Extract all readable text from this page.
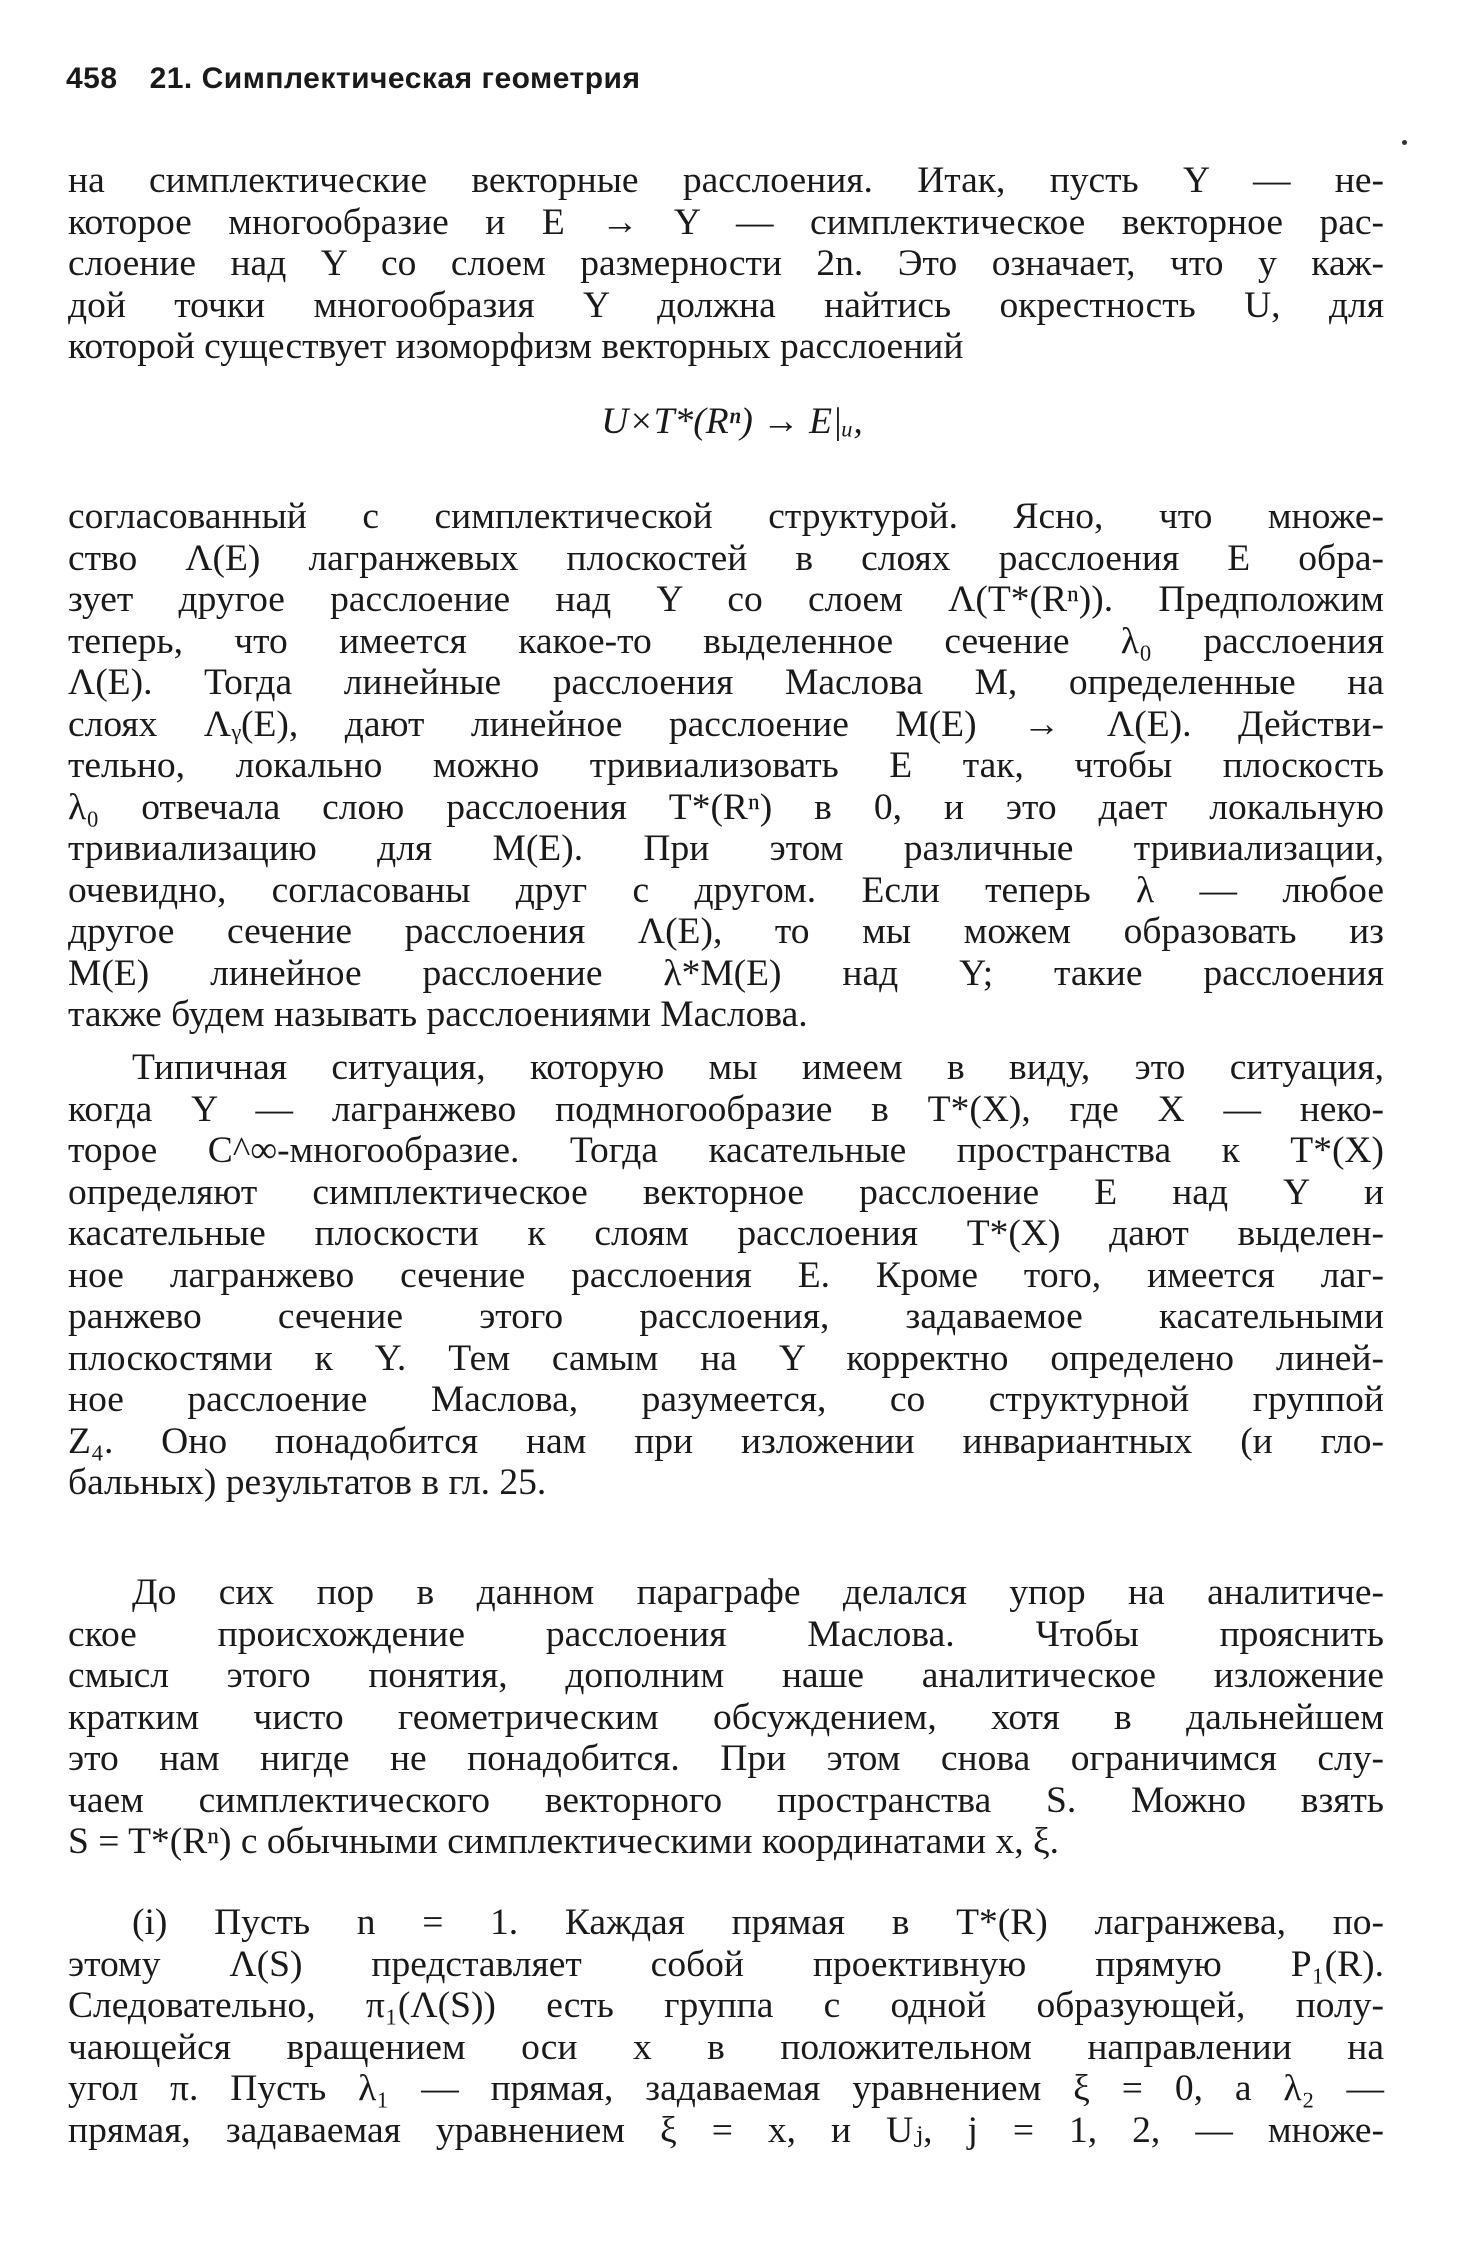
458 21. Симплектическая геометрия
на симплектические векторные расслоения. Итак, пусть Y — не-
которое многообразие и E → Y — симплектическое векторное рас-
слоение над Y со слоем размерности 2n. Это означает, что у каж-
дой точки многообразия Y должна найтись окрестность U, для
которой существует изоморфизм векторных расслоений
U×T*(Rⁿ) → E|ᵤ,
согласованный с симплектической структурой. Ясно, что множе-
ство Λ(E) лагранжевых плоскостей в слоях расслоения E обра-
зует другое расслоение над Y со слоем Λ(T*(Rⁿ)). Предположим
теперь, что имеется какое-то выделенное сечение λ₀ расслоения
Λ(E). Тогда линейные расслоения Маслова M, определенные на
слоях Λᵧ(E), дают линейное расслоение M(E) → Λ(E). Действи-
тельно, локально можно тривиализовать E так, чтобы плоскость
λ₀ отвечала слою расслоения T*(Rⁿ) в 0, и это дает локальную
тривиализацию для M(E). При этом различные тривиализации,
очевидно, согласованы друг с другом. Если теперь λ — любое
другое сечение расслоения Λ(E), то мы можем образовать из
M(E) линейное расслоение λ*M(E) над Y; такие расслоения
также будем называть расслоениями Маслова.
Типичная ситуация, которую мы имеем в виду, это ситуация,
когда Y — лагранжево подмногообразие в T*(X), где X — неко-
торое C^∞-многообразие. Тогда касательные пространства к T*(X)
определяют симплектическое векторное расслоение E над Y и
касательные плоскости к слоям расслоения T*(X) дают выделен-
ное лагранжево сечение расслоения E. Кроме того, имеется лаг-
ранжево сечение этого расслоения, задаваемое касательными
плоскостями к Y. Тем самым на Y корректно определено линей-
ное расслоение Маслова, разумеется, со структурной группой
Z₄. Оно понадобится нам при изложении инвариантных (и гло-
бальных) результатов в гл. 25.
До сих пор в данном параграфе делался упор на аналитиче-
ское происхождение расслоения Маслова. Чтобы прояснить
смысл этого понятия, дополним наше аналитическое изложение
кратким чисто геометрическим обсуждением, хотя в дальнейшем
это нам нигде не понадобится. При этом снова ограничимся слу-
чаем симплектического векторного пространства S. Можно взять
S = T*(Rⁿ) с обычными симплектическими координатами x, ξ.
(i) Пусть n = 1. Каждая прямая в T*(R) лагранжева, по-
этому Λ(S) представляет собой проективную прямую P₁(R).
Следовательно, π₁(Λ(S)) есть группа с одной образующей, полу-
чающейся вращением оси x в положительном направлении на
угол π. Пусть λ₁ — прямая, задаваемая уравнением ξ = 0, а λ₂ —
прямая, задаваемая уравнением ξ = x, и Uⱼ, j = 1, 2, — множе-
